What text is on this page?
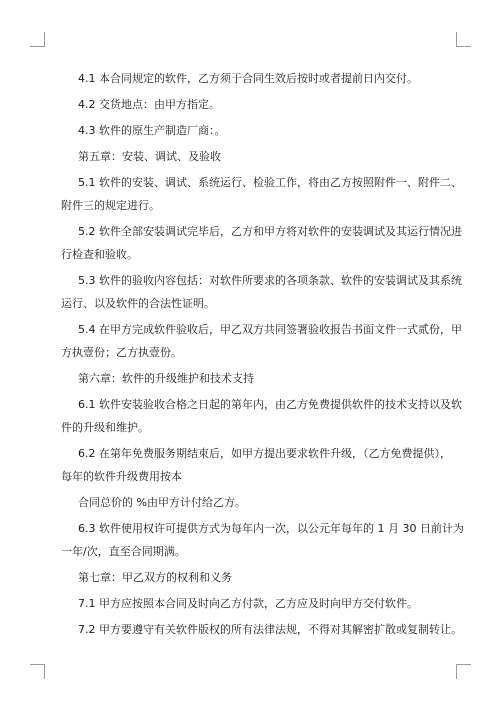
4.1 本合同规定的软件，乙方须于合同生效后按时或者提前日内交付。

4.2 交货地点：由甲方指定。

4.3 软件的原生产制造厂商：。

第五章：安装、调试、及验收

5.1 软件的安装、调试、系统运行、检验工作，将由乙方按照附件一、附件二、

附件三的规定进行。

5.2 软件全部安装调试完毕后，乙方和甲方将对软件的安装调试及其运行情况进

行检查和验收。

5.3 软件的验收内容包括：对软件所要求的各项条款、软件的安装调试及其系统

运行、以及软件的合法性证明。

5.4 在甲方完成软件验收后，甲乙双方共同签署验收报告书面文件一式贰份，甲

方执壹份；乙方执壹份。

第六章：软件的升级维护和技术支持

6.1 软件安装验收合格之日起的第年内，由乙方免费提供软件的技术支持以及软

件的升级和维护。

6.2 在第年免费服务期结束后，如甲方提出要求软件升级，（乙方免费提供），

每年的软件升级费用按本

合同总价的 %由甲方计付给乙方。

6.3 软件使用权许可提供方式为每年内一次，以公元年每年的 1 月 30 日前计为

一年/次，直至合同期满。

第七章：甲乙双方的权利和义务

7.1 甲方应按照本合同及时向乙方付款，乙方应及时向甲方交付软件。

7.2 甲方要遵守有关软件版权的所有法律法规，不得对其解密扩散或复制转让。
